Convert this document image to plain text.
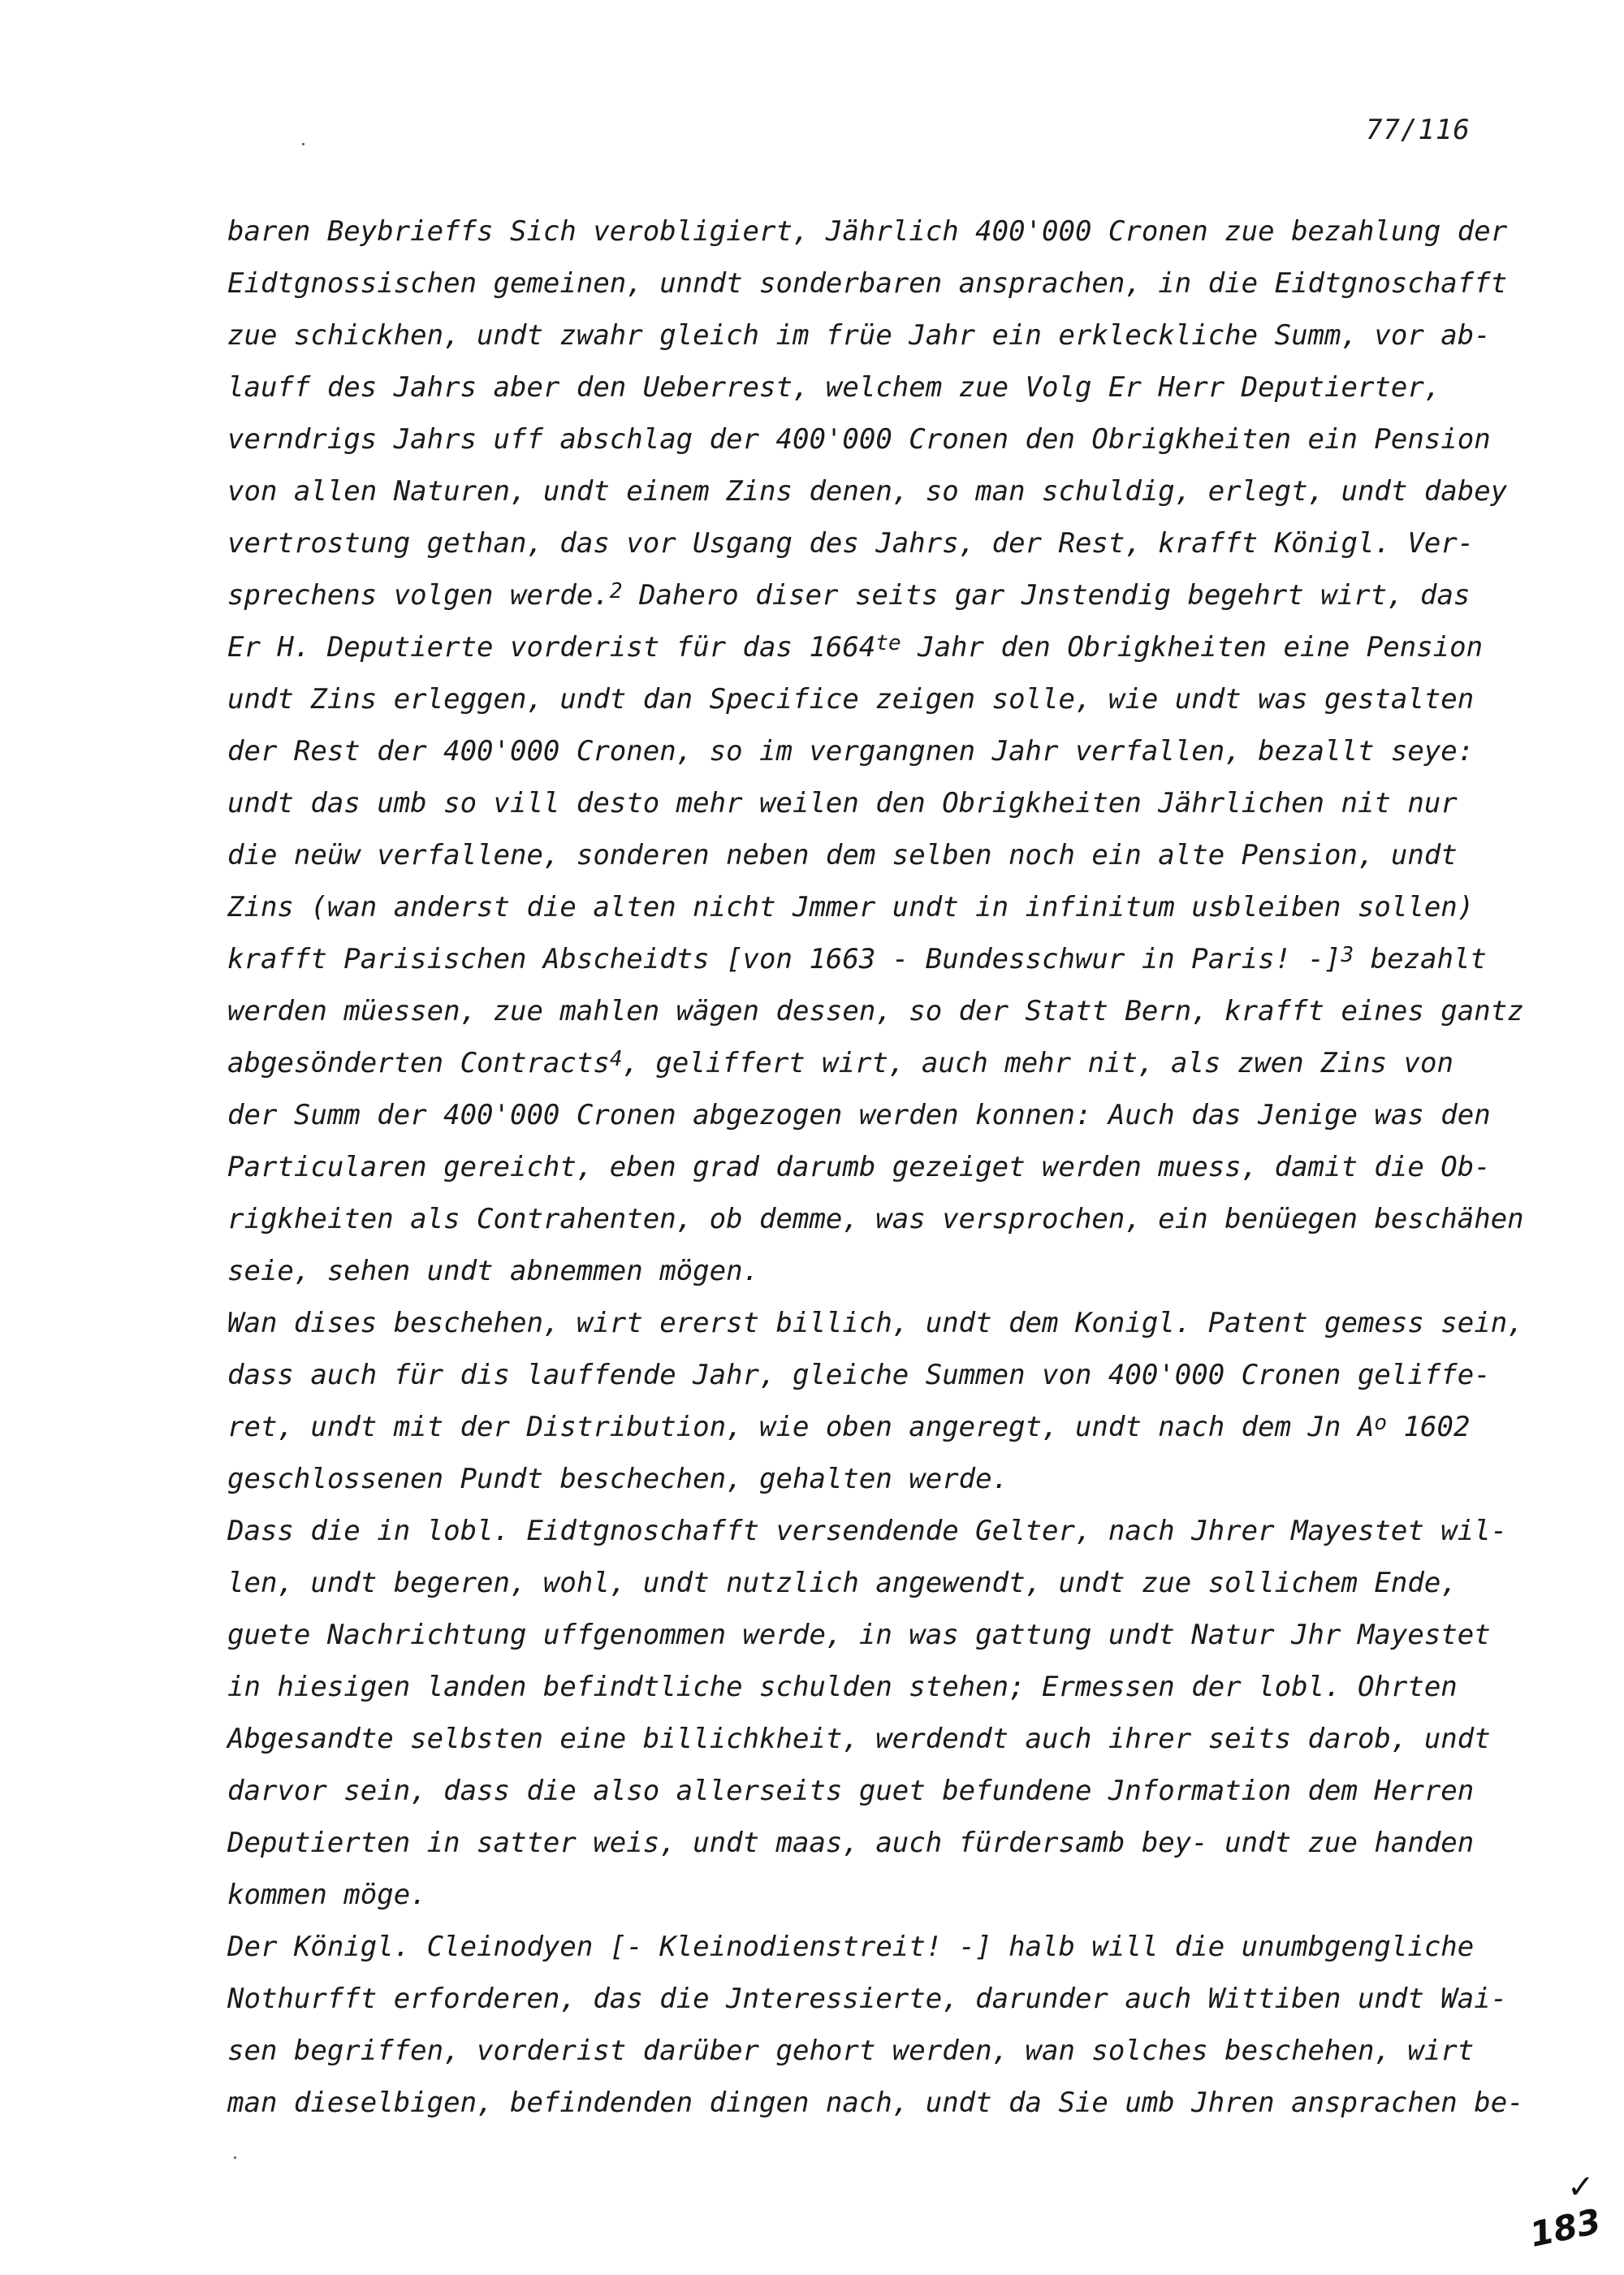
77/116
baren Beybrieffs Sich verobligiert, Jährlich 400'000 Cronen zue bezahlung der
Eidtgnossischen gemeinen, unndt sonderbaren ansprachen, in die Eidtgnoschafft
zue schickhen, undt zwahr gleich im früe Jahr ein erkleckliche Summ, vor ab-
lauff des Jahrs aber den Ueberrest, welchem zue Volg Er Herr Deputierter,
verndrigs Jahrs uff abschlag der 400'000 Cronen den Obrigkheiten ein Pension
von allen Naturen, undt einem Zins denen, so man schuldig, erlegt, undt dabey
vertrostung gethan, das vor Usgang des Jahrs, der Rest, krafft Königl. Ver-
sprechens volgen werde.$^2$ Dahero diser seits gar Jnstendig begehrt wirt, das
Er H. Deputierte vorderist für das $1664^{te}$ Jahr den Obrigkheiten eine Pension
undt Zins erleggen, undt dan Specifice zeigen solle, wie undt was gestalten
der Rest der 400'000 Cronen, so im vergangnen Jahr verfallen, bezallt seye:
undt das umb so vill desto mehr weilen den Obrigkheiten Jährlichen nit nur
die neüw verfallene, sonderen neben dem selben noch ein alte Pension, undt
Zins (wan anderst die alten nicht Jmmer undt in infinitum usbleiben sollen)
krafft Parisischen Abscheidts [von 1663 - Bundesschwur in Paris! -]$^3$ bezahlt
werden müessen, zue mahlen wägen dessen, so der Statt Bern, krafft eines gantz
abgesönderten Contracts$^4$, geliffert wirt, auch mehr nit, als zwen Zins von
der Summ der 400'000 Cronen abgezogen werden konnen: Auch das Jenige was den
Particularen gereicht, eben grad darumb gezeiget werden muess, damit die Ob-
rigkheiten als Contrahenten, ob demme, was versprochen, ein benüegen beschähen
seie, sehen undt abnemmen mögen.
Wan dises beschehen, wirt ererst billich, undt dem Konigl. Patent gemess sein,
dass auch für dis lauffende Jahr, gleiche Summen von 400'000 Cronen geliffe-
ret, undt mit der Distribution, wie oben angeregt, undt nach dem Jn $A^o$ 1602
geschlossenen Pundt beschechen, gehalten werde.
Dass die in lobl. Eidtgnoschafft versendende Gelter, nach Jhrer Mayestet wil-
len, undt begeren, wohl, undt nutzlich angewendt, undt zue sollichem Ende,
guete Nachrichtung uffgenommen werde, in was gattung undt Natur Jhr Mayestet
in hiesigen landen befindtliche schulden stehen; Ermessen der lobl. Ohrten
Abgesandte selbsten eine billichkheit, werdendt auch ihrer seits darob, undt
darvor sein, dass die also allerseits guet befundene Jnformation dem Herren
Deputierten in satter weis, undt maas, auch fürdersamb bey- undt zue handen
kommen möge.
Der Königl. Cleinodyen [- Kleinodienstreit! -] halb will die unumbgengliche
Nothurfft erforderen, das die Jnteressierte, darunder auch Wittiben undt Wai-
sen begriffen, vorderist darüber gehort werden, wan solches beschehen, wirt
man dieselbigen, befindenden dingen nach, undt da Sie umb Jhren ansprachen be-
✓
183
